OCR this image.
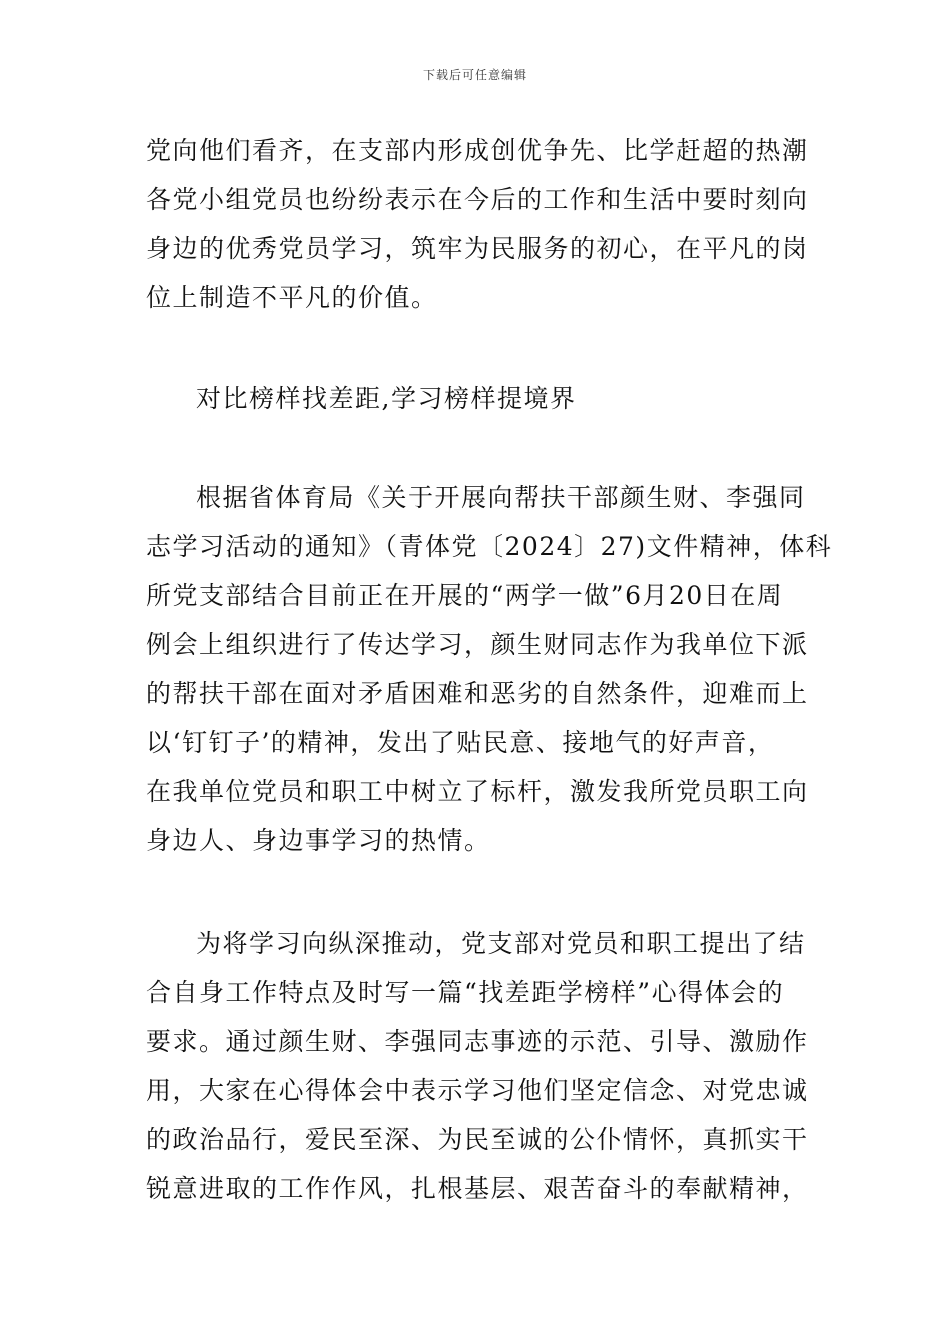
下载后可任意编辑
党向他们看齐，在支部内形成创优争先、比学赶超的热潮
各党小组党员也纷纷表示在今后的工作和生活中要时刻向
身边的优秀党员学习，筑牢为民服务的初心，在平凡的岗
位上制造不平凡的价值。
对比榜样找差距,学习榜样提境界
根据省体育局《关于开展向帮扶干部颜生财、李强同
志学习活动的通知》（青体党〔2024〕27)文件精神，体科
所党支部结合目前正在开展的“两学一做”6月20日在周
例会上组织进行了传达学习，颜生财同志作为我单位下派
的帮扶干部在面对矛盾困难和恶劣的自然条件，迎难而上
以‘钉钉子’的精神，发出了贴民意、接地气的好声音，
在我单位党员和职工中树立了标杆，激发我所党员职工向
身边人、身边事学习的热情。
为将学习向纵深推动，党支部对党员和职工提出了结
合自身工作特点及时写一篇“找差距学榜样”心得体会的
要求。通过颜生财、李强同志事迹的示范、引导、激励作
用，大家在心得体会中表示学习他们坚定信念、对党忠诚
的政治品行，爱民至深、为民至诚的公仆情怀，真抓实干
锐意进取的工作作风，扎根基层、艰苦奋斗的奉献精神，
